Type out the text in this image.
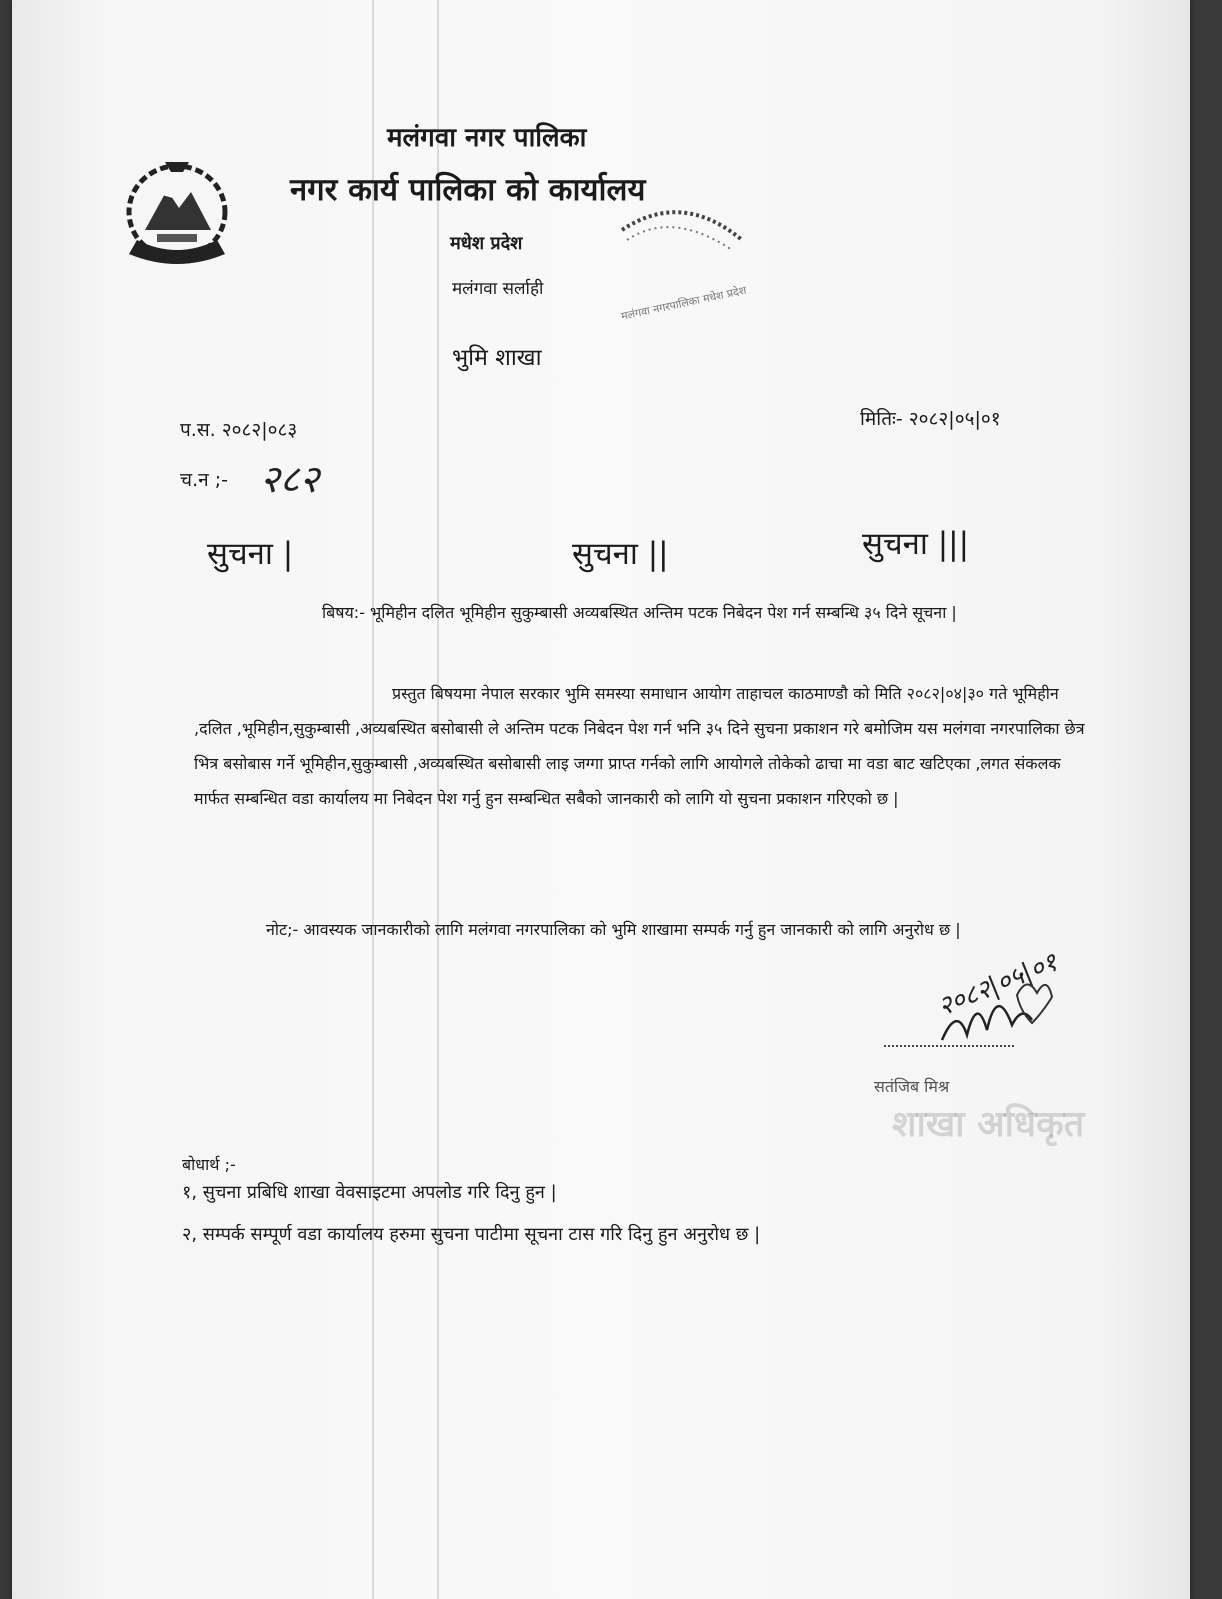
मलंगवा नगर पालिका
नगर कार्य पालिका को कार्यालय
मधेश प्रदेश
मलंगवा सर्लाही
भुमि शाखा
मलंगवा नगरपालिका मधेश प्रदेश
प.स. २०८२|०८३
च.न ;- २८२
मितिः- २०८२|०५|०१
सुचना |	सुचना ||	सुचना |||
बिषय:- भूमिहीन दलित भूमिहीन सुकुम्बासी अव्यबस्थित अन्तिम पटक निबेदन पेश गर्न सम्बन्धि ३५ दिने सूचना |
प्रस्तुत बिषयमा नेपाल सरकार भुमि समस्या समाधान आयोग ताहाचल काठमाण्डौ को मिति २०८२|०४|३० गते भूमिहीन ,दलित ,भूमिहीन,सुकुम्बासी ,अव्यबस्थित बसोबासी ले अन्तिम पटक निबेदन पेश गर्न भनि ३५ दिने सुचना प्रकाशन गरे बमोजिम यस मलंगवा नगरपालिका छेत्र भित्र बसोबास गर्ने भूमिहीन,सुकुम्बासी ,अव्यबस्थित बसोबासी लाइ जग्गा प्राप्त गर्नको लागि आयोगले तोकेको ढाचा मा वडा बाट खटिएका ,लगत संकलक मार्फत सम्बन्धित वडा कार्यालय मा निबेदन पेश गर्नु हुन सम्बन्धित सबैको जानकारी को लागि यो सुचना प्रकाशन गरिएको छ |
नोट;- आवस्यक जानकारीको लागि मलंगवा नगरपालिका को भुमि शाखामा सम्पर्क गर्नु हुन जानकारी को लागि अनुरोध छ |
२०८२|०५|०१
सतंजिब मिश्र
शाखा अधिकृत
बोधार्थ ;-
१, सुचना प्रबिधि शाखा वेवसाइटमा अपलोड गरि दिनु हुन |
२, सम्पर्क सम्पूर्ण वडा कार्यालय हरुमा सुचना पाटीमा सूचना टास गरि दिनु हुन अनुरोध छ |
